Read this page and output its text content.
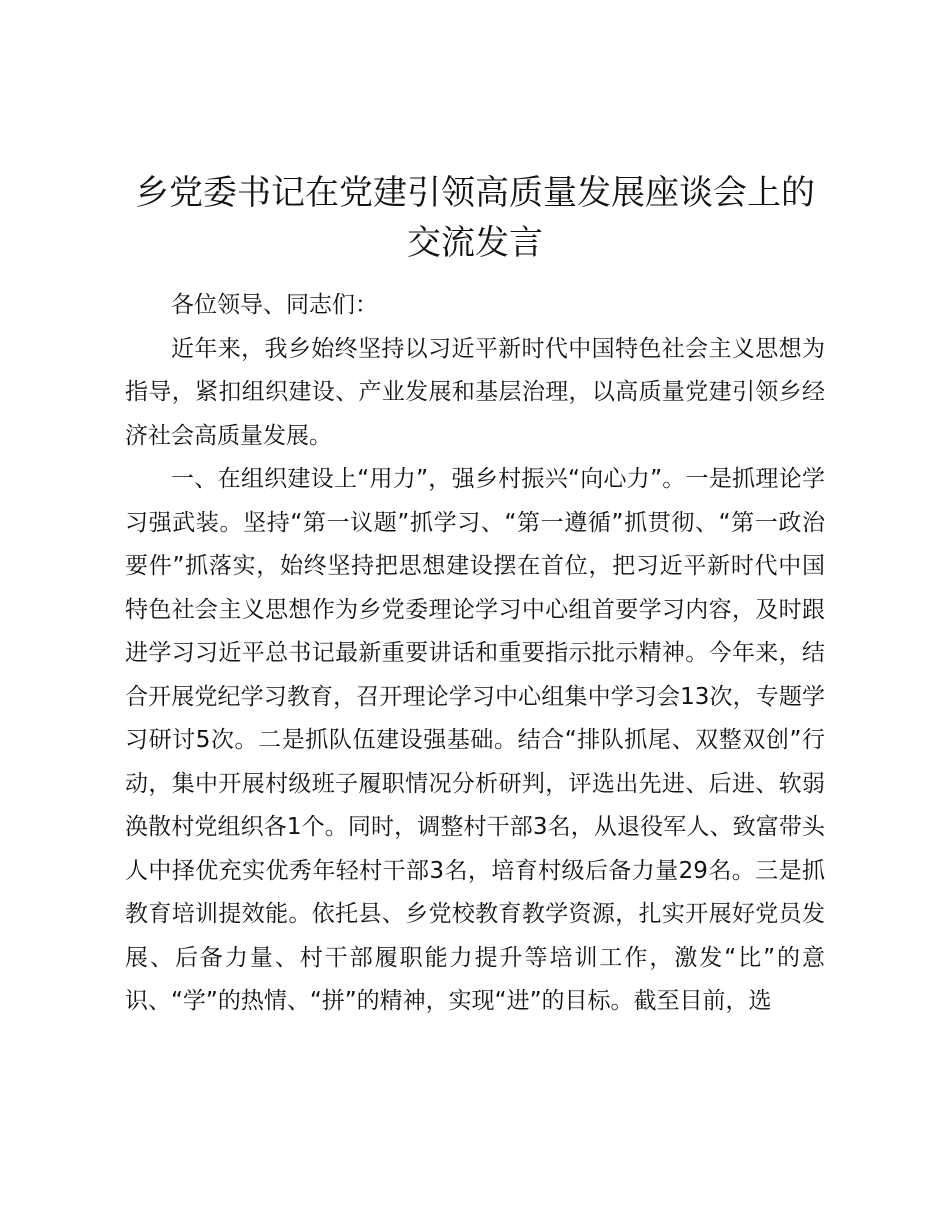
乡党委书记在党建引领高质量发展座谈会上的
交流发言

各位领导、同志们：

近年来，我乡始终坚持以习近平新时代中国特色社会主义思想为指导，紧扣组织建设、产业发展和基层治理，以高质量党建引领乡经济社会高质量发展。

一、在组织建设上“用力”，强乡村振兴“向心力”。一是抓理论学习强武装。坚持“第一议题”抓学习、“第一遵循”抓贯彻、“第一政治要件”抓落实，始终坚持把思想建设摆在首位，把习近平新时代中国特色社会主义思想作为乡党委理论学习中心组首要学习内容，及时跟进学习习近平总书记最新重要讲话和重要指示批示精神。今年来，结合开展党纪学习教育，召开理论学习中心组集中学习会13次，专题学习研讨5次。二是抓队伍建设强基础。结合“排队抓尾、双整双创”行动，集中开展村级班子履职情况分析研判，评选出先进、后进、软弱涣散村党组织各1个。同时，调整村干部3名，从退役军人、致富带头人中择优充实优秀年轻村干部3名，培育村级后备力量29名。三是抓教育培训提效能。依托县、乡党校教育教学资源，扎实开展好党员发展、后备力量、村干部履职能力提升等培训工作，激发“比”的意识、“学”的热情、“拼”的精神，实现“进”的目标。截至目前，选
